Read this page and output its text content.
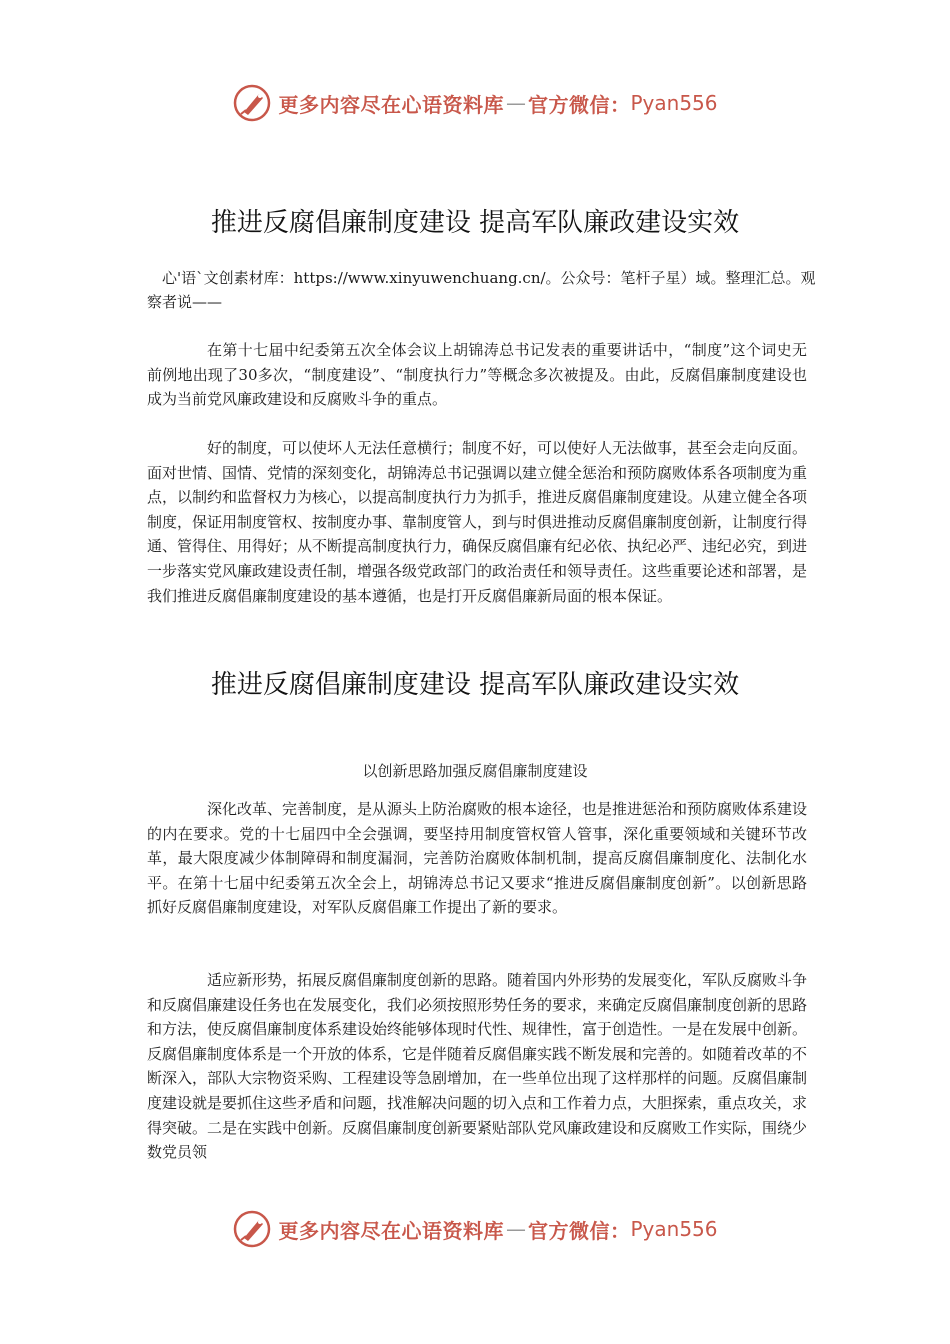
更多内容尽在心语资料库 — 官方微信： Pyan556
推进反腐倡廉制度建设 提高军队廉政建设实效

心'语`文创素材库：https://www.xinyuwenchuang.cn/。公众号：笔杆子星）域。整理汇总。观察者说——

在第十七届中纪委第五次全体会议上胡锦涛总书记发表的重要讲话中，“制度”这个词史无前例地出现了30多次，“制度建设”、“制度执行力”等概念多次被提及。由此，反腐倡廉制度建设也成为当前党风廉政建设和反腐败斗争的重点。

好的制度，可以使坏人无法任意横行；制度不好，可以使好人无法做事，甚至会走向反面。面对世情、国情、党情的深刻变化，胡锦涛总书记强调以建立健全惩治和预防腐败体系各项制度为重点，以制约和监督权力为核心，以提高制度执行力为抓手，推进反腐倡廉制度建设。从建立健全各项制度，保证用制度管权、按制度办事、靠制度管人，到与时俱进推动反腐倡廉制度创新，让制度行得通、管得住、用得好；从不断提高制度执行力，确保反腐倡廉有纪必依、执纪必严、违纪必究，到进一步落实党风廉政建设责任制，增强各级党政部门的政治责任和领导责任。这些重要论述和部署，是我们推进反腐倡廉制度建设的基本遵循，也是打开反腐倡廉新局面的根本保证。

推进反腐倡廉制度建设 提高军队廉政建设实效
以创新思路加强反腐倡廉制度建设

深化改革、完善制度，是从源头上防治腐败的根本途径，也是推进惩治和预防腐败体系建设的内在要求。党的十七届四中全会强调，要坚持用制度管权管人管事，深化重要领域和关键环节改革，最大限度减少体制障碍和制度漏洞，完善防治腐败体制机制，提高反腐倡廉制度化、法制化水平。在第十七届中纪委第五次全会上，胡锦涛总书记又要求“推进反腐倡廉制度创新”。以创新思路抓好反腐倡廉制度建设，对军队反腐倡廉工作提出了新的要求。

适应新形势，拓展反腐倡廉制度创新的思路。随着国内外形势的发展变化，军队反腐败斗争和反腐倡廉建设任务也在发展变化，我们必须按照形势任务的要求，来确定反腐倡廉制度创新的思路和方法，使反腐倡廉制度体系建设始终能够体现时代性、规律性，富于创造性。一是在发展中创新。反腐倡廉制度体系是一个开放的体系，它是伴随着反腐倡廉实践不断发展和完善的。如随着改革的不断深入，部队大宗物资采购、工程建设等急剧增加，在一些单位出现了这样那样的问题。反腐倡廉制度建设就是要抓住这些矛盾和问题，找准解决问题的切入点和工作着力点，大胆探索，重点攻关，求得突破。二是在实践中创新。反腐倡廉制度创新要紧贴部队党风廉政建设和反腐败工作实际，围绕少数党员领

更多内容尽在心语资料库 — 官方微信： Pyan556
